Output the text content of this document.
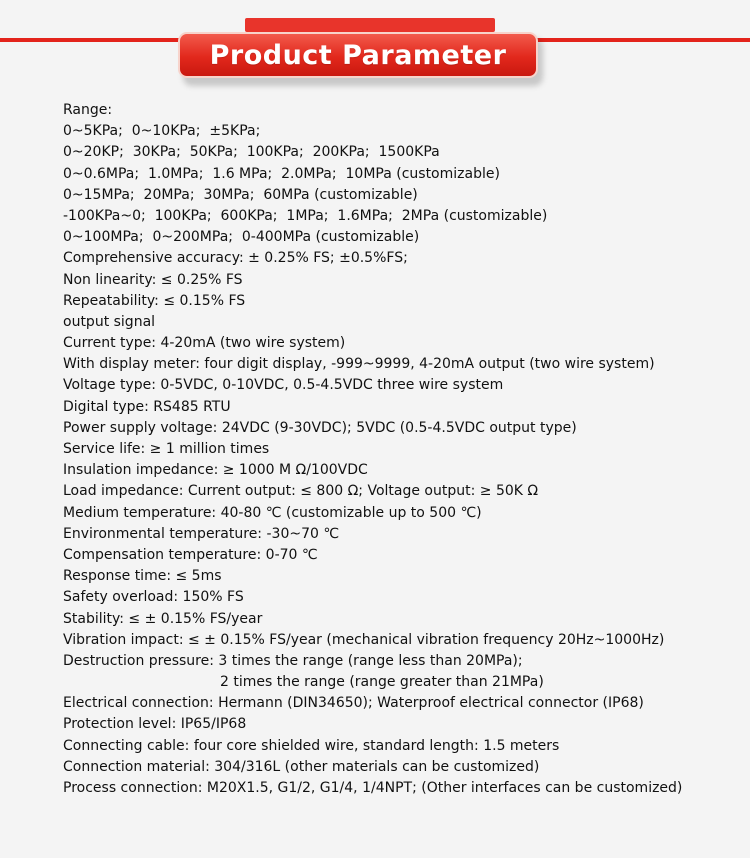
Product Parameter
Range:
0~5KPa;  0~10KPa;  ±5KPa;
0~20KP;  30KPa;  50KPa;  100KPa;  200KPa;  1500KPa
0~0.6MPa;  1.0MPa;  1.6 MPa;  2.0MPa;  10MPa (customizable)
0~15MPa;  20MPa;  30MPa;  60MPa (customizable)
-100KPa~0;  100KPa;  600KPa;  1MPa;  1.6MPa;  2MPa (customizable)
0~100MPa;  0~200MPa;  0-400MPa (customizable)
Comprehensive accuracy: ± 0.25% FS; ±0.5%FS;
Non linearity: ≤ 0.25% FS
Repeatability: ≤ 0.15% FS
output signal
Current type: 4-20mA (two wire system)
With display meter: four digit display, -999~9999, 4-20mA output (two wire system)
Voltage type: 0-5VDC, 0-10VDC, 0.5-4.5VDC three wire system
Digital type: RS485 RTU
Power supply voltage: 24VDC (9-30VDC); 5VDC (0.5-4.5VDC output type)
Service life: ≥ 1 million times
Insulation impedance: ≥ 1000 M Ω/100VDC
Load impedance: Current output: ≤ 800 Ω; Voltage output: ≥ 50K Ω
Medium temperature: 40-80 ℃ (customizable up to 500 ℃)
Environmental temperature: -30~70 ℃
Compensation temperature: 0-70 ℃
Response time: ≤ 5ms
Safety overload: 150% FS
Stability: ≤ ± 0.15% FS/year
Vibration impact: ≤ ± 0.15% FS/year (mechanical vibration frequency 20Hz~1000Hz)
Destruction pressure: 3 times the range (range less than 20MPa);
2 times the range (range greater than 21MPa)
Electrical connection: Hermann (DIN34650); Waterproof electrical connector (IP68)
Protection level: IP65/IP68
Connecting cable: four core shielded wire, standard length: 1.5 meters
Connection material: 304/316L (other materials can be customized)
Process connection: M20X1.5, G1/2, G1/4, 1/4NPT; (Other interfaces can be customized)
